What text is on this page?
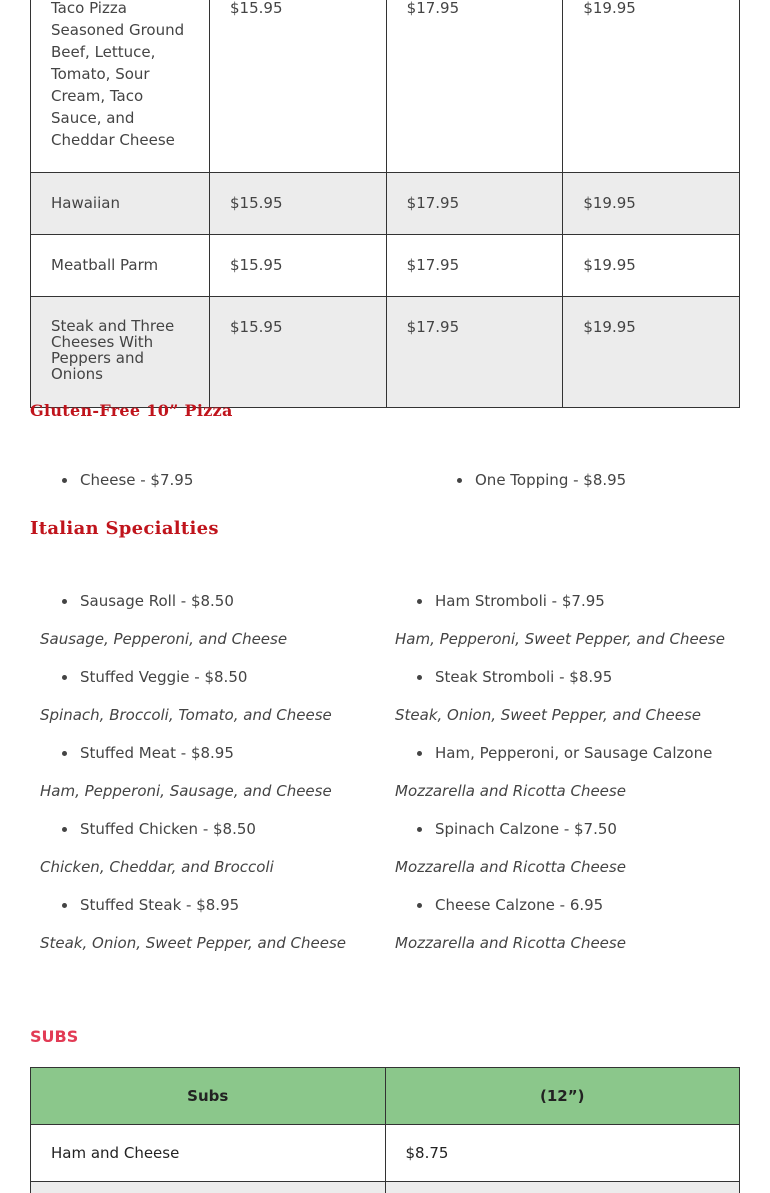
Taco Pizza
Seasoned Ground Beef, Lettuce, Tomato, Sour Cream, Taco Sauce, and Cheddar Cheese	$15.95	$17.95	$19.95
Hawaiian	$15.95	$17.95	$19.95
Meatball Parm	$15.95	$17.95	$19.95
Steak and Three Cheeses With Peppers and Onions	$15.95	$17.95	$19.95
Gluten-Free 10” Pizza
Cheese - $7.95	One Topping - $8.95
Italian Specialties
Sausage Roll - $8.50
Sausage, Pepperoni, and Cheese
Stuffed Veggie - $8.50
Spinach, Broccoli, Tomato, and Cheese
Stuffed Meat - $8.95
Ham, Pepperoni, Sausage, and Cheese
Stuffed Chicken - $8.50
Chicken, Cheddar, and Broccoli
Stuffed Steak - $8.95
Steak, Onion, Sweet Pepper, and Cheese
Ham Stromboli - $7.95
Ham, Pepperoni, Sweet Pepper, and Cheese
Steak Stromboli - $8.95
Steak, Onion, Sweet Pepper, and Cheese
Ham, Pepperoni, or Sausage Calzone
Mozzarella and Ricotta Cheese
Spinach Calzone - $7.50
Mozzarella and Ricotta Cheese
Cheese Calzone - 6.95
Mozzarella and Ricotta Cheese
SUBS
Subs	(12”)
Ham and Cheese	$8.75
